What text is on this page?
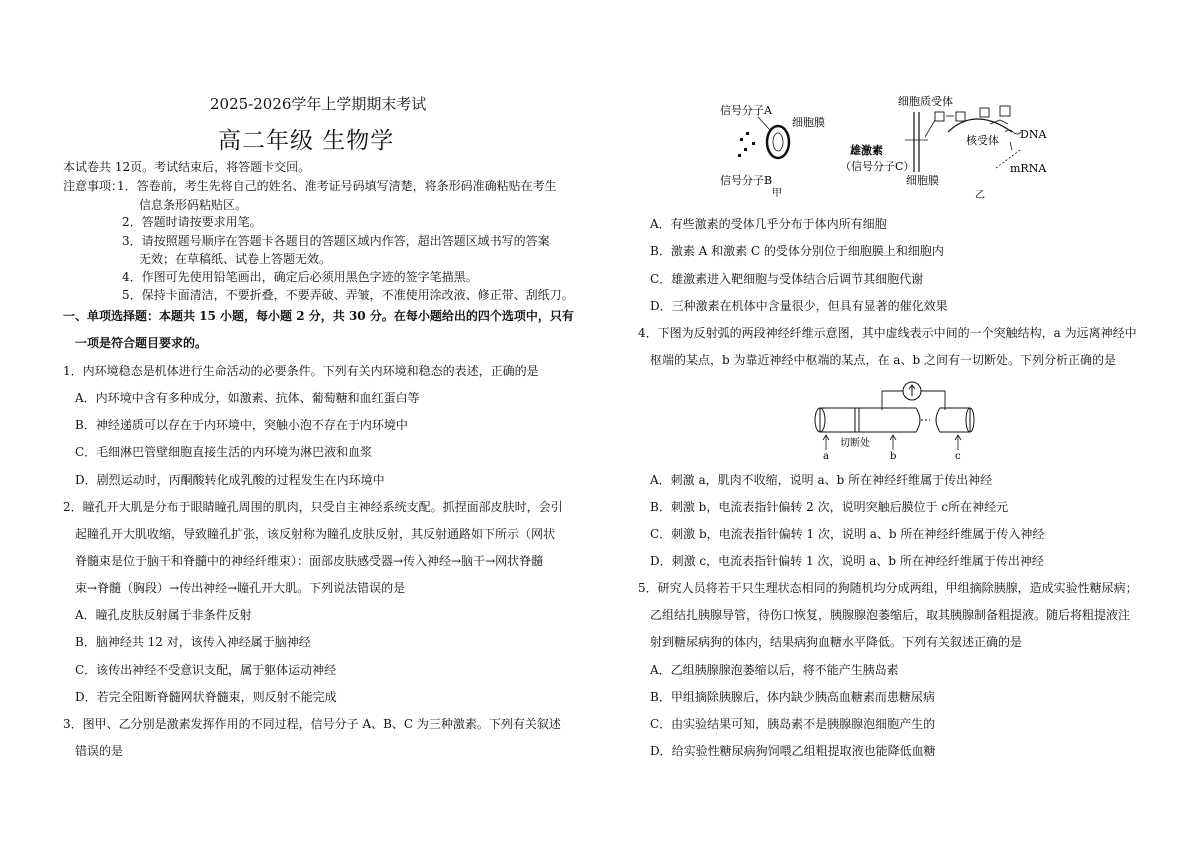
2025-2026学年上学期期末考试
高二年级 生物学
本试卷共 12页。考试结束后，将答题卡交回。
注意事项：
1．答卷前，考生先将自己的姓名、准考证号码填写清楚，将条形码准确粘贴在考生
信息条形码粘贴区。
2．答题时请按要求用笔。
3．请按照题号顺序在答题卡各题目的答题区域内作答，超出答题区域书写的答案
无效；在草稿纸、试卷上答题无效。
4．作图可先使用铅笔画出，确定后必须用黑色字迹的签字笔描黑。
5．保持卡面清洁，不要折叠，不要弄破、弄皱，不准使用涂改液、修正带、刮纸刀。
一、单项选择题：本题共 15 小题，每小题 2 分，共 30 分。在每小题给出的四个选项中，只有
一项是符合题目要求的。
1．内环境稳态是机体进行生命活动的必要条件。下列有关内环境和稳态的表述，正确的是
A．内环境中含有多种成分，如激素、抗体、葡萄糖和血红蛋白等
B．神经递质可以存在于内环境中，突触小泡不存在于内环境中
C．毛细淋巴管壁细胞直接生活的内环境为淋巴液和血浆
D．剧烈运动时，丙酮酸转化成乳酸的过程发生在内环境中
2．瞳孔开大肌是分布于眼睛瞳孔周围的肌肉，只受自主神经系统支配。抓捏面部皮肤时，会引
起瞳孔开大肌收缩，导致瞳孔扩张，该反射称为瞳孔皮肤反射，其反射通路如下所示（网状
脊髓束是位于脑干和脊髓中的神经纤维束）：面部皮肤感受器→传入神经→脑干→网状脊髓
束→脊髓（胸段）→传出神经→瞳孔开大肌。下列说法错误的是
A．瞳孔皮肤反射属于非条件反射
B．脑神经共 12 对，该传入神经属于脑神经
C．该传出神经不受意识支配，属于躯体运动神经
D．若完全阻断脊髓网状脊髓束，则反射不能完成
3．图甲、乙分别是激素发挥作用的不同过程，信号分子 A、B、C 为三种激素。下列有关叙述
错误的是
信号分子A
细胞膜
信号分子B
甲
细胞质受体
雄激素
（信号分子C）
核受体 DNA
mRNA
细胞膜
乙
A．有些激素的受体几乎分布于体内所有细胞
B．激素 A 和激素 C 的受体分别位于细胞膜上和细胞内
C．雄激素进入靶细胞与受体结合后调节其细胞代谢
D．三种激素在机体中含量很少，但具有显著的催化效果
4．下图为反射弧的两段神经纤维示意图，其中虚线表示中间的一个突触结构，a 为远离神经中
枢端的某点，b 为靠近神经中枢端的某点，在 a、b 之间有一切断处。下列分析正确的是
切断处
a	b	c
A．刺激 a，肌肉不收缩，说明 a、b 所在神经纤维属于传出神经
B．刺激 b，电流表指针偏转 2 次，说明突触后膜位于 c所在神经元
C．刺激 b，电流表指针偏转 1 次，说明 a、b 所在神经纤维属于传入神经
D．刺激 c，电流表指针偏转 1 次，说明 a、b 所在神经纤维属于传出神经
5．研究人员将若干只生理状态相同的狗随机均分成两组，甲组摘除胰腺，造成实验性糖尿病；
乙组结扎胰腺导管，待伤口恢复，胰腺腺泡萎缩后，取其胰腺制备粗提液。随后将粗提液注
射到糖尿病狗的体内，结果病狗血糖水平降低。下列有关叙述正确的是
A．乙组胰腺腺泡萎缩以后，将不能产生胰岛素
B．甲组摘除胰腺后，体内缺少胰高血糖素而患糖尿病
C．由实验结果可知，胰岛素不是胰腺腺泡细胞产生的
D．给实验性糖尿病狗饲喂乙组粗提取液也能降低血糖
